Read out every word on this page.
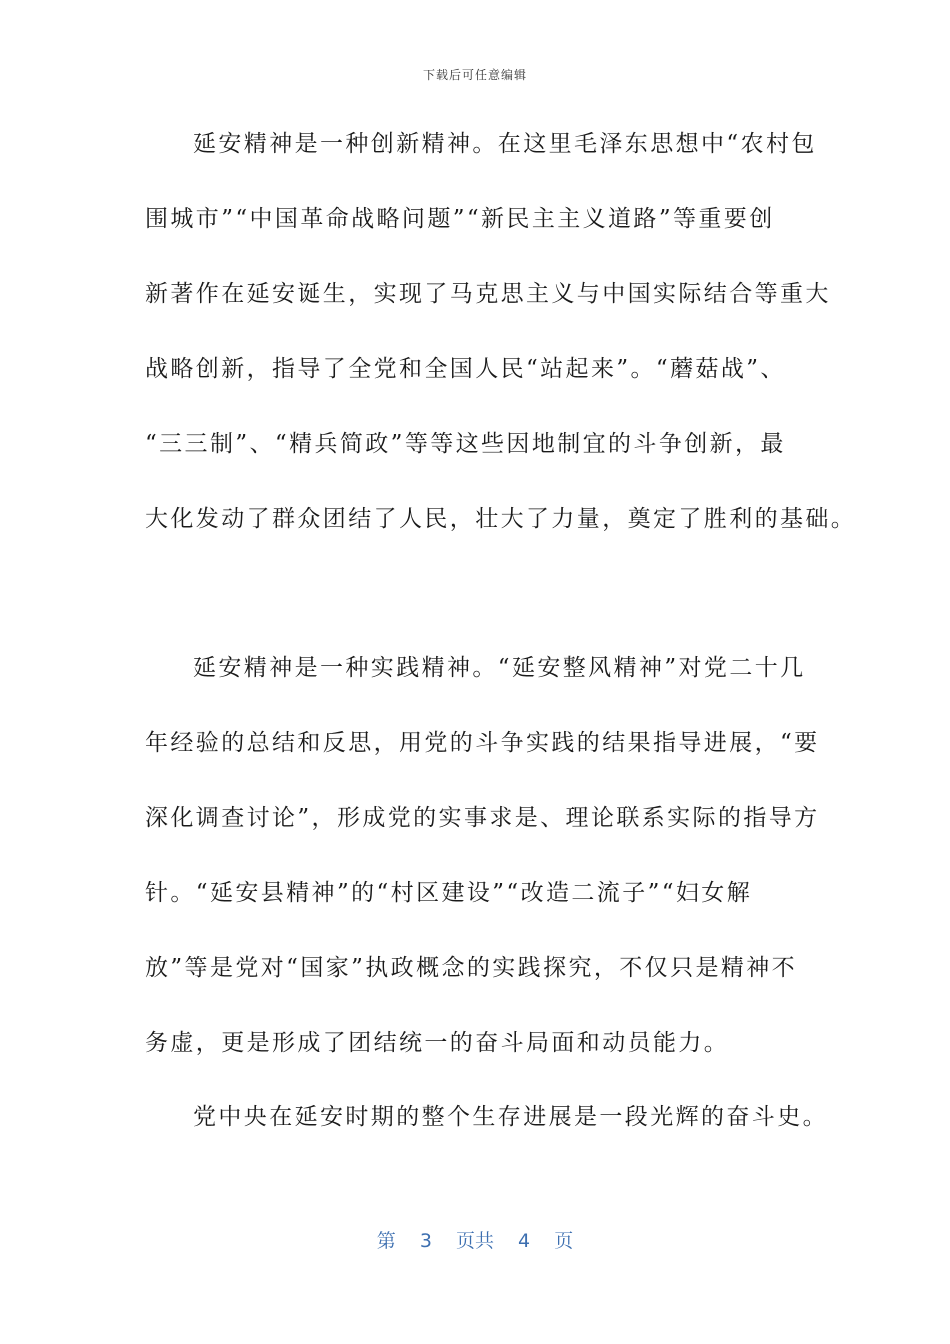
下载后可任意编辑
延安精神是一种创新精神。在这里毛泽东思想中“农村包
围城市”“中国革命战略问题”“新民主主义道路”等重要创
新著作在延安诞生，实现了马克思主义与中国实际结合等重大
战略创新，指导了全党和全国人民“站起来”。“蘑菇战”、
“三三制”、“精兵简政”等等这些因地制宜的斗争创新，最
大化发动了群众团结了人民，壮大了力量，奠定了胜利的基础。
延安精神是一种实践精神。“延安整风精神”对党二十几
年经验的总结和反思，用党的斗争实践的结果指导进展，“要
深化调查讨论”，形成党的实事求是、理论联系实际的指导方
针。“延安县精神”的“村区建设”“改造二流子”“妇女解
放”等是党对“国家”执政概念的实践探究，不仅只是精神不
务虚，更是形成了团结统一的奋斗局面和动员能力。
党中央在延安时期的整个生存进展是一段光辉的奋斗史。
第 3 页共 4 页
